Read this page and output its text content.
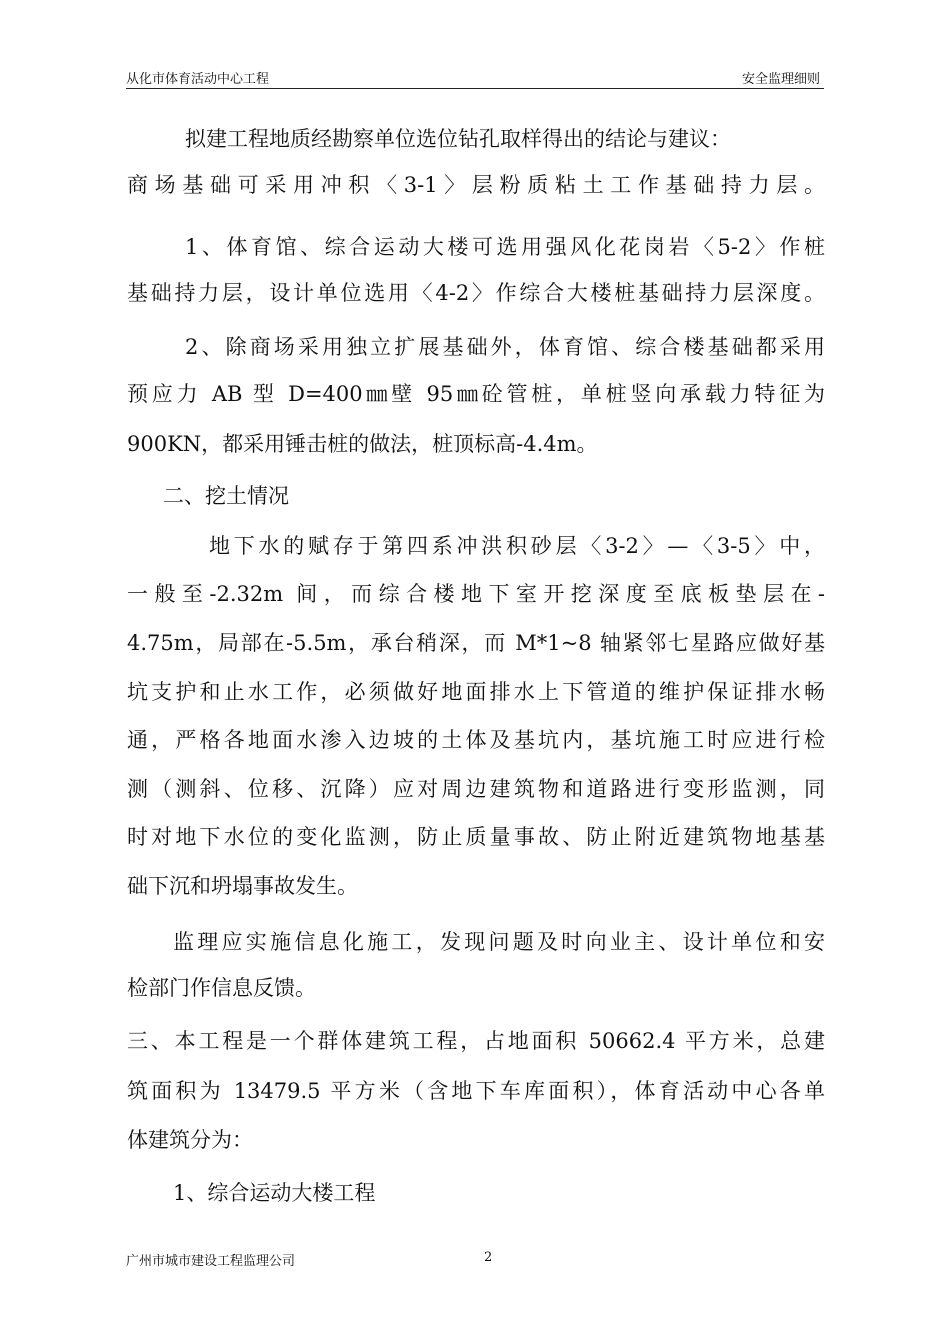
从化市体育活动中心工程	安全监理细则
拟建工程地质经勘察单位选位钻孔取样得出的结论与建议：
商场基础可采用冲积〈3-1〉层粉质粘土工作基础持力层。
1、体育馆、综合运动大楼可选用强风化花岗岩〈5-2〉作桩
基础持力层，设计单位选用〈4-2〉作综合大楼桩基础持力层深度。
2、除商场采用独立扩展基础外，体育馆、综合楼基础都采用
预应力 AB 型 D=400㎜壁 95㎜砼管桩，单桩竖向承载力特征为
900KN，都采用锤击桩的做法，桩顶标高-4.4m。
二、挖土情况
地下水的赋存于第四系冲洪积砂层〈3-2〉—〈3-5〉中，
一般至-2.32m 间，而综合楼地下室开挖深度至底板垫层在-
4.75m，局部在-5.5m，承台稍深，而 M*1~8 轴紧邻七星路应做好基
坑支护和止水工作，必须做好地面排水上下管道的维护保证排水畅
通，严格各地面水渗入边坡的土体及基坑内，基坑施工时应进行检
测（测斜、位移、沉降）应对周边建筑物和道路进行变形监测，同
时对地下水位的变化监测，防止质量事故、防止附近建筑物地基基
础下沉和坍塌事故发生。
监理应实施信息化施工，发现问题及时向业主、设计单位和安
检部门作信息反馈。
三、本工程是一个群体建筑工程，占地面积 50662.4 平方米，总建
筑面积为 13479.5 平方米（含地下车库面积），体育活动中心各单
体建筑分为：
1、综合运动大楼工程
广州市城市建设工程监理公司	2
